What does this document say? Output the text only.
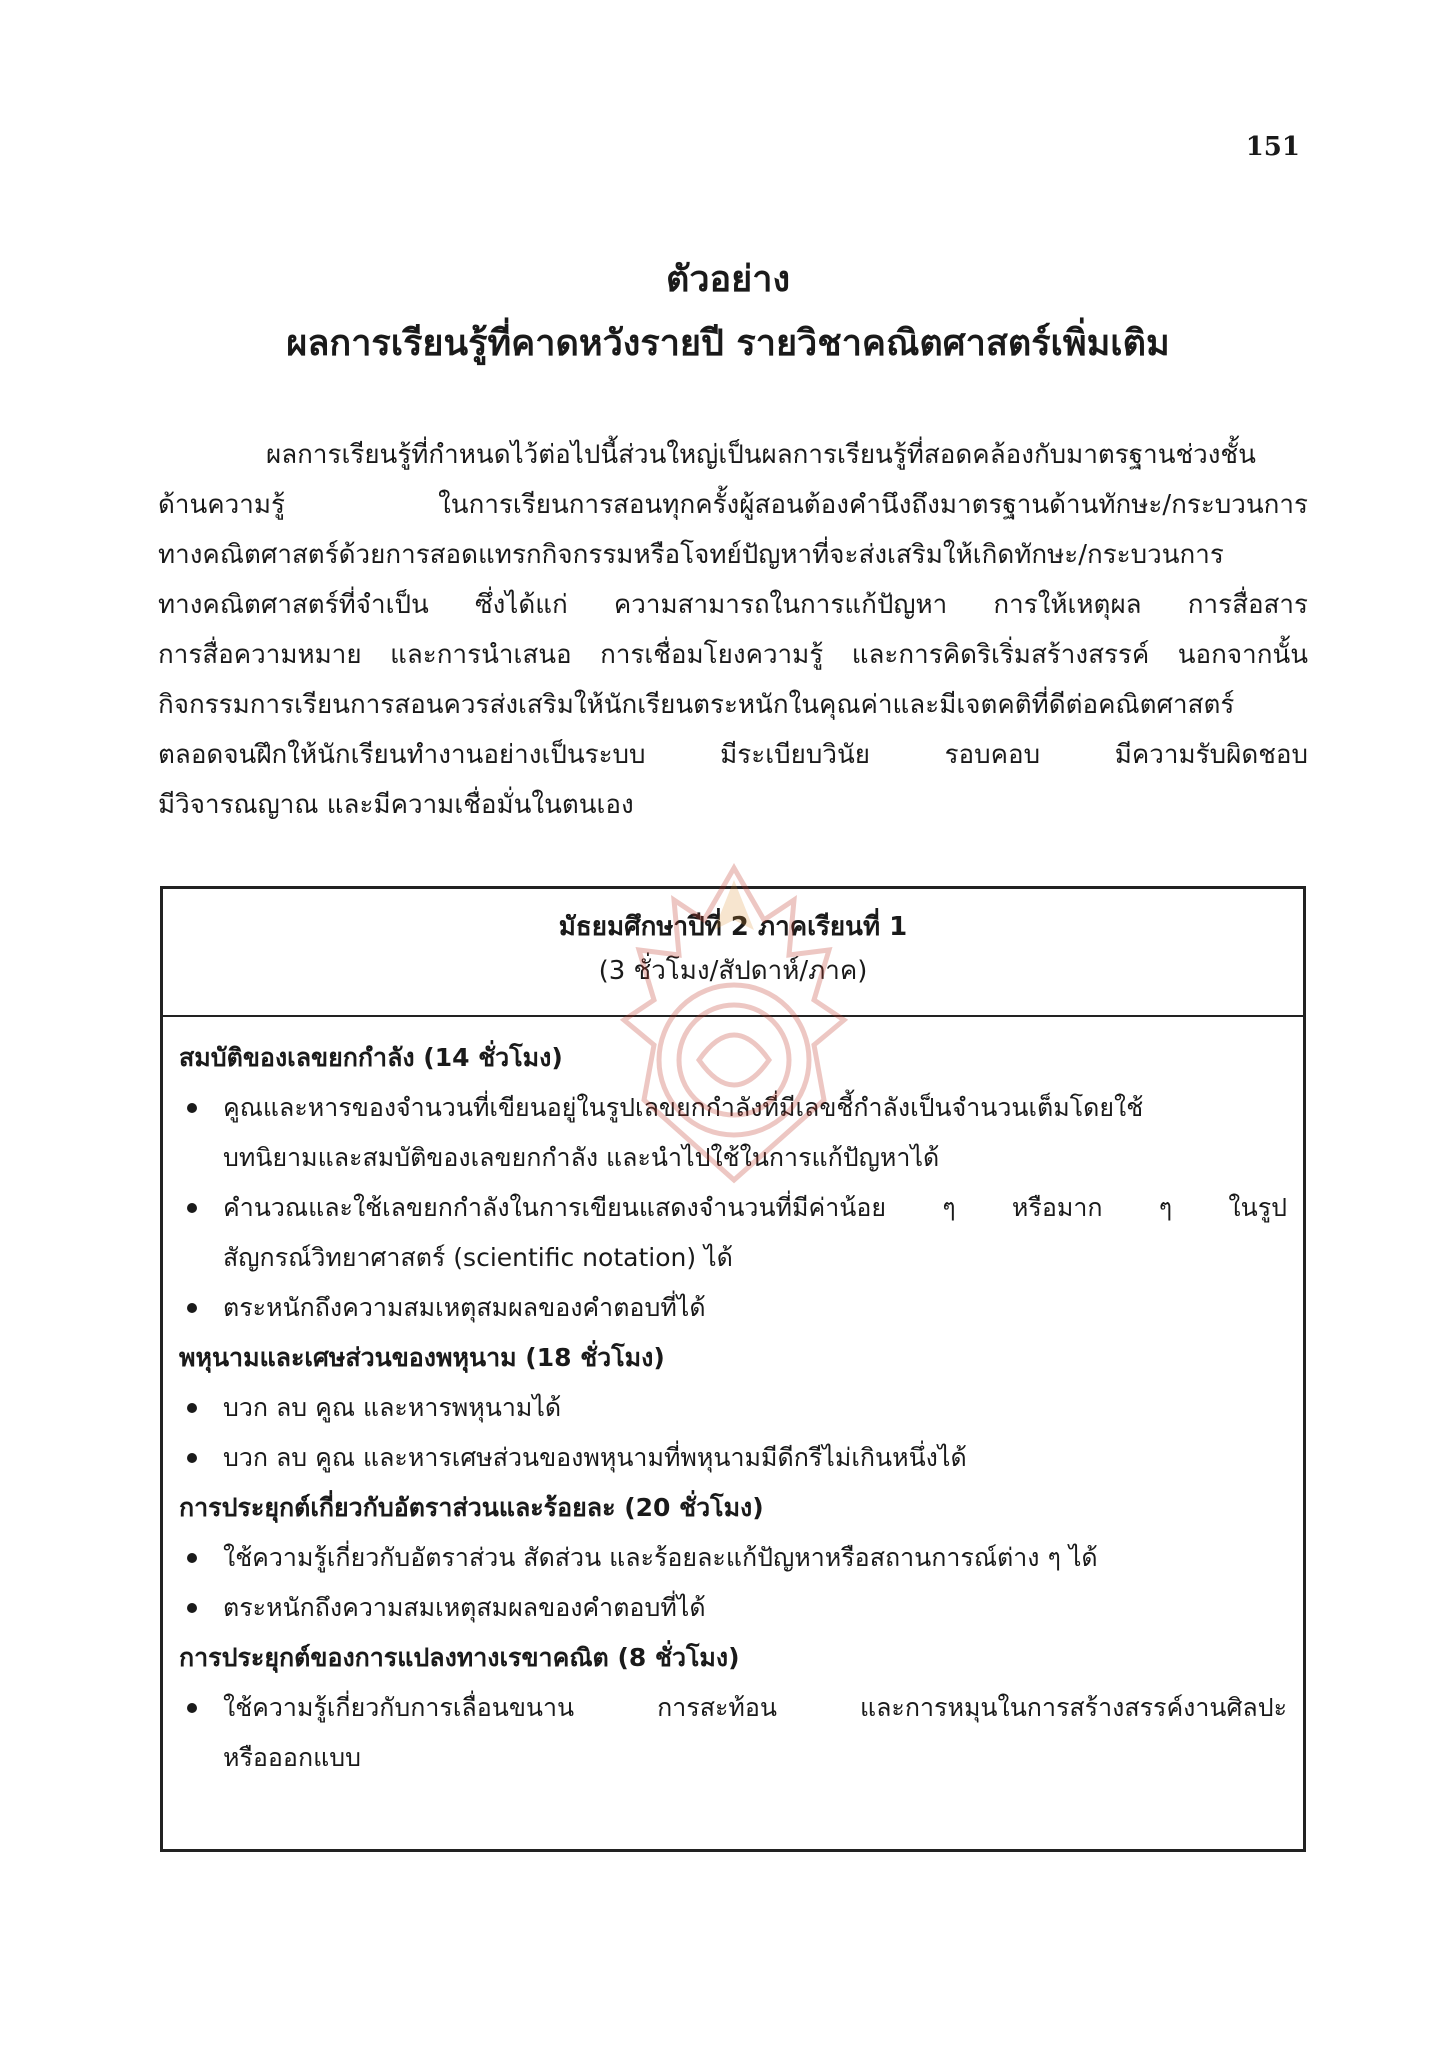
151
ตัวอย่าง
ผลการเรียนรู้ที่คาดหวังรายปี รายวิชาคณิตศาสตร์เพิ่มเติม
ผลการเรียนรู้ที่กำหนดไว้ต่อไปนี้ส่วนใหญ่เป็นผลการเรียนรู้ที่สอดคล้องกับมาตรฐานช่วงชั้น
ด้านความรู้ ในการเรียนการสอนทุกครั้งผู้สอนต้องคำนึงถึงมาตรฐานด้านทักษะ/กระบวนการ
ทางคณิตศาสตร์ด้วยการสอดแทรกกิจกรรมหรือโจทย์ปัญหาที่จะส่งเสริมให้เกิดทักษะ/กระบวนการ
ทางคณิตศาสตร์ที่จำเป็น ซึ่งได้แก่ ความสามารถในการแก้ปัญหา การให้เหตุผล การสื่อสาร
การสื่อความหมาย และการนำเสนอ การเชื่อมโยงความรู้ และการคิดริเริ่มสร้างสรรค์ นอกจากนั้น
กิจกรรมการเรียนการสอนควรส่งเสริมให้นักเรียนตระหนักในคุณค่าและมีเจตคติที่ดีต่อคณิตศาสตร์
ตลอดจนฝึกให้นักเรียนทำงานอย่างเป็นระบบ มีระเบียบวินัย รอบคอบ มีความรับผิดชอบ
มีวิจารณญาณ และมีความเชื่อมั่นในตนเอง
มัธยมศึกษาปีที่ 2 ภาคเรียนที่ 1
(3 ชั่วโมง/สัปดาห์/ภาค)
สมบัติของเลขยกกำลัง (14 ชั่วโมง)
คูณและหารของจำนวนที่เขียนอยู่ในรูปเลขยกกำลังที่มีเลขชี้กำลังเป็นจำนวนเต็มโดยใช้
บทนิยามและสมบัติของเลขยกกำลัง และนำไปใช้ในการแก้ปัญหาได้
คำนวณและใช้เลขยกกำลังในการเขียนแสดงจำนวนที่มีค่าน้อย ๆ หรือมาก ๆ ในรูป
สัญกรณ์วิทยาศาสตร์ (scientific notation) ได้
ตระหนักถึงความสมเหตุสมผลของคำตอบที่ได้
พหุนามและเศษส่วนของพหุนาม (18 ชั่วโมง)
บวก ลบ คูณ และหารพหุนามได้
บวก ลบ คูณ และหารเศษส่วนของพหุนามที่พหุนามมีดีกรีไม่เกินหนึ่งได้
การประยุกต์เกี่ยวกับอัตราส่วนและร้อยละ (20 ชั่วโมง)
ใช้ความรู้เกี่ยวกับอัตราส่วน สัดส่วน และร้อยละแก้ปัญหาหรือสถานการณ์ต่าง ๆ ได้
ตระหนักถึงความสมเหตุสมผลของคำตอบที่ได้
การประยุกต์ของการแปลงทางเรขาคณิต (8 ชั่วโมง)
ใช้ความรู้เกี่ยวกับการเลื่อนขนาน การสะท้อน และการหมุนในการสร้างสรรค์งานศิลปะ
หรือออกแบบ
